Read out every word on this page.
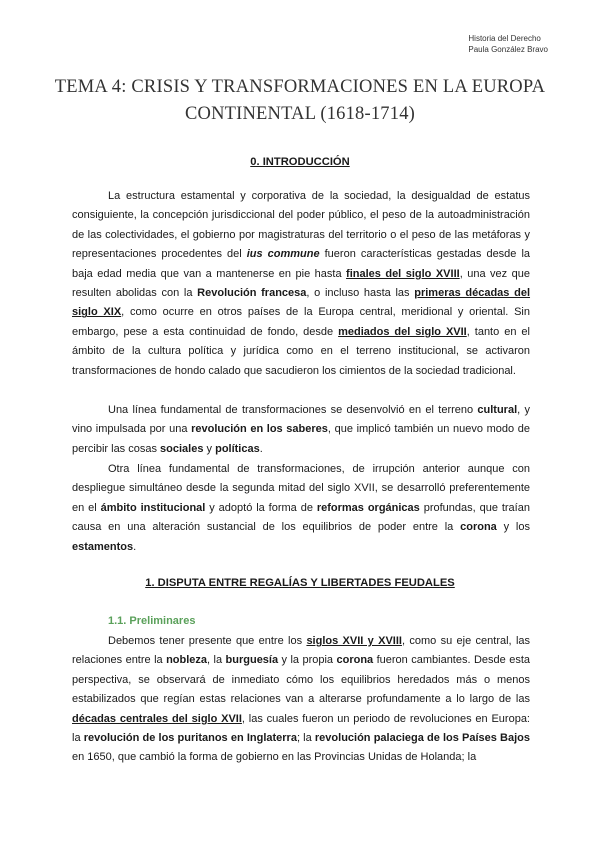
Historia del Derecho
Paula González Bravo
TEMA 4: CRISIS Y TRANSFORMACIONES EN LA EUROPA CONTINENTAL (1618-1714)
0. INTRODUCCIÓN

La estructura estamental y corporativa de la sociedad, la desigualdad de estatus consiguiente, la concepción jurisdiccional del poder público, el peso de la autoadministración de las colectividades, el gobierno por magistraturas del territorio o el peso de las metáforas y representaciones procedentes del ius commune fueron características gestadas desde la baja edad media que van a mantenerse en pie hasta finales del siglo XVIII, una vez que resulten abolidas con la Revolución francesa, o incluso hasta las primeras décadas del siglo XIX, como ocurre en otros países de la Europa central, meridional y oriental. Sin embargo, pese a esta continuidad de fondo, desde mediados del siglo XVII, tanto en el ámbito de la cultura política y jurídica como en el terreno institucional, se activaron transformaciones de hondo calado que sacudieron los cimientos de la sociedad tradicional.

Una línea fundamental de transformaciones se desenvolvió en el terreno cultural, y vino impulsada por una revolución en los saberes, que implicó también un nuevo modo de percibir las cosas sociales y políticas.

Otra línea fundamental de transformaciones, de irrupción anterior aunque con despliegue simultáneo desde la segunda mitad del siglo XVII, se desarrolló preferentemente en el ámbito institucional y adoptó la forma de reformas orgánicas profundas, que traían causa en una alteración sustancial de los equilibrios de poder entre la corona y los estamentos.

1. DISPUTA ENTRE REGALÍAS Y LIBERTADES FEUDALES
1.1. Preliminares

Debemos tener presente que entre los siglos XVII y XVIII, como su eje central, las relaciones entre la nobleza, la burguesía y la propia corona fueron cambiantes. Desde esta perspectiva, se observará de inmediato cómo los equilibrios heredados más o menos estabilizados que regían estas relaciones van a alterarse profundamente a lo largo de las décadas centrales del siglo XVII, las cuales fueron un periodo de revoluciones en Europa: la revolución de los puritanos en Inglaterra; la revolución palaciega de los Países Bajos en 1650, que cambió la forma de gobierno en las Provincias Unidas de Holanda; la
